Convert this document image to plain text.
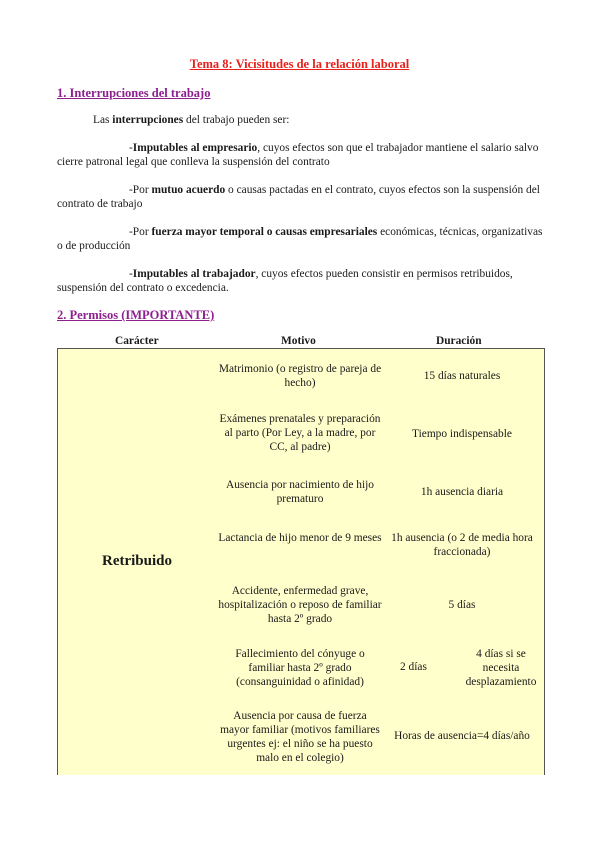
Tema 8: Vicisitudes de la relación laboral
1. Interrupciones del trabajo
Las interrupciones del trabajo pueden ser:
-Imputables al empresario, cuyos efectos son que el trabajador mantiene el salario salvo cierre patronal legal que conlleva la suspensión del contrato
-Por mutuo acuerdo o causas pactadas en el contrato, cuyos efectos son la suspensión del contrato de trabajo
-Por fuerza mayor temporal o causas empresariales económicas, técnicas, organizativas o de producción
-Imputables al trabajador, cuyos efectos pueden consistir en permisos retribuidos, suspensión del contrato o excedencia.
2. Permisos (IMPORTANTE)
Carácter	Motivo	Duración
Retribuido
Matrimonio (o registro de pareja de hecho)
15 días naturales
Exámenes prenatales y preparación al parto (Por Ley, a la madre, por CC, al padre)
Tiempo indispensable
Ausencia por nacimiento de hijo prematuro
1h ausencia diaria
Lactancia de hijo menor de 9 meses 1h ausencia (o 2 de media hora fraccionada)
Accidente, enfermedad grave, hospitalización o reposo de familiar hasta 2º grado
5 días
Fallecimiento del cónyuge o familiar hasta 2º grado (consanguinidad o afinidad)
2 días
4 días si se necesita desplazamiento
Ausencia por causa de fuerza mayor familiar (motivos familiares urgentes ej: el niño se ha puesto malo en el colegio)
Horas de ausencia=4 días/año
